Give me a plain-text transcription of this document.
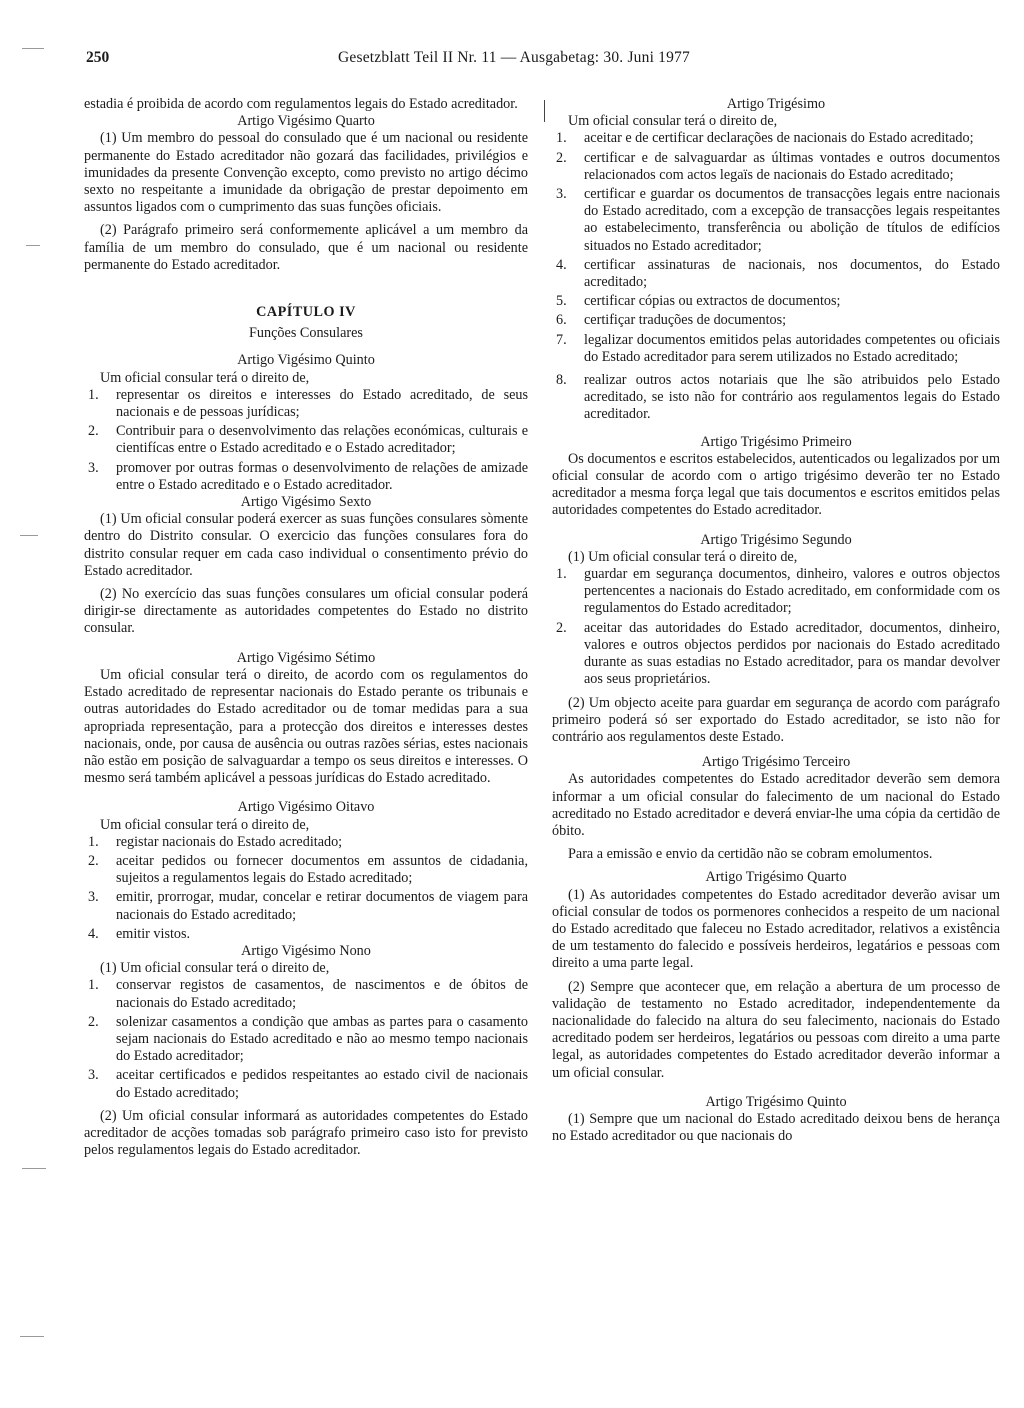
250	Gesetzblatt Teil II Nr. 11 — Ausgabetag: 30. Juni 1977

estadia é proibida de acordo com regulamentos legais do Estado acreditador.

Artigo Vigésimo Quarto

(1) Um membro do pessoal do consulado que é um nacional ou residente permanente do Estado acreditador não gozará das facilidades, privilégios e imunidades da presente Convenção excepto, como previsto no artigo décimo sexto no respeitante a imunidade da obrigação de prestar depoimento em assuntos ligados com o cumprimento das suas funções oficiais.

(2) Parágrafo primeiro será conformemente aplicável a um membro da família de um membro do consulado, que é um nacional ou residente permanente do Estado acreditador.

CAPÍTULO IV

Funções Consulares

Artigo Vigésimo Quinto

Um oficial consular terá o direito de,

1. representar os direitos e interesses do Estado acreditado, de seus nacionais e de pessoas jurídicas;
2. Contribuir para o desenvolvimento das relações económicas, culturais e cientifícas entre o Estado acreditado e o Estado acreditador;
3. promover por outras formas o desenvolvimento de relações de amizade entre o Estado acreditado e o Estado acreditador.

Artigo Vigésimo Sexto

(1) Um oficial consular poderá exercer as suas funções consulares sòmente dentro do Distrito consular. O exercicio das funções consulares fora do distrito consular requer em cada caso individual o consentimento prévio do Estado acreditador.

(2) No exercício das suas funções consulares um oficial consular poderá dirigir-se directamente as autoridades competentes do Estado no distrito consular.

Artigo Vigésimo Sétimo

Um oficial consular terá o direito, de acordo com os regulamentos do Estado acreditado de representar nacionais do Estado perante os tribunais e outras autoridades do Estado acreditador ou de tomar medidas para a sua apropriada representação, para a protecção dos direitos e interesses destes nacionais, onde, por causa de ausência ou outras razões sérias, estes nacionais não estão em posição de salvaguardar a tempo os seus direitos e interesses. O mesmo será também aplicável a pessoas jurídicas do Estado acreditado.

Artigo Vigésimo Oitavo

Um oficial consular terá o direito de,

1. registar nacionais do Estado acreditado;
2. aceitar pedidos ou fornecer documentos em assuntos de cidadania, sujeitos a regulamentos legais do Estado acreditado;
3. emitir, prorrogar, mudar, concelar e retirar documentos de viagem para nacionais do Estado acreditado;
4. emitir vistos.

Artigo Vigésimo Nono

(1) Um oficial consular terá o direito de,

1. conservar registos de casamentos, de nascimentos e de óbitos de nacionais do Estado acreditado;
2. solenizar casamentos a condição que ambas as partes para o casamento sejam nacionais do Estado acreditado e não ao mesmo tempo nacionais do Estado acreditador;
3. aceitar certificados e pedidos respeitantes ao estado civil de nacionais do Estado acreditado;

(2) Um oficial consular informará as autoridades competentes do Estado acreditador de acções tomadas sob parágrafo primeiro caso isto for previsto pelos regulamentos legais do Estado acreditador.

Artigo Trigésimo

Um oficial consular terá o direito de,

1. aceitar e de certificar declarações de nacionais do Estado acreditado;
2. certificar e de salvaguardar as últimas vontades e outros documentos relacionados com actos legaïs de nacionais do Estado acreditado;
3. certificar e guardar os documentos de transacções legais entre nacionais do Estado acreditado, com a excepção de transacções legais respeitantes ao estabelecimento, transferência ou abolição de títulos de edifícios situados no Estado acreditador;
4. certificar assinaturas de nacionais, nos documentos, do Estado acreditado;
5. certificar cópias ou extractos de documentos;
6. certifiçar traduções de documentos;
7. legalizar documentos emitidos pelas autoridades competentes ou oficiais do Estado acreditador para serem utilizados no Estado acreditado;
8. realizar outros actos notariais que lhe são atribuidos pelo Estado acreditado, se isto não for contrário aos regulamentos legais do Estado acreditador.

Artigo Trigésimo Primeiro

Os documentos e escritos estabelecidos, autenticados ou legalizados por um oficial consular de acordo com o artigo trigésimo deverão ter no Estado acreditador a mesma força legal que tais documentos e escritos emitidos pelas autoridades competentes do Estado acreditador.

Artigo Trigésimo Segundo

(1) Um oficial consular terá o direito de,

1. guardar em segurança documentos, dinheiro, valores e outros objectos pertencentes a nacionais do Estado acreditado, em conformidade com os regulamentos do Estado acreditador;
2. aceitar das autoridades do Estado acreditador, documentos, dinheiro, valores e outros objectos perdidos por nacionais do Estado acreditado durante as suas estadias no Estado acreditador, para os mandar devolver aos seus proprietários.

(2) Um objecto aceite para guardar em segurança de acordo com parágrafo primeiro poderá só ser exportado do Estado acreditador, se isto não for contrário aos regulamentos deste Estado.

Artigo Trigésimo Terceiro

As autoridades competentes do Estado acreditador deverão sem demora informar a um oficial consular do falecimento de um nacional do Estado acreditado no Estado acreditador e deverá enviar-lhe uma cópia da certidão de óbito.

Para a emissão e envio da certidão não se cobram emolumentos.

Artigo Trigésimo Quarto

(1) As autoridades competentes do Estado acreditador deverão avisar um oficial consular de todos os pormenores conhecidos a respeito de um nacional do Estado acreditado que faleceu no Estado acreditador, relativos a existência de um testamento do falecido e possíveis herdeiros, legatários e pessoas com direito a uma parte legal.

(2) Sempre que acontecer que, em relação a abertura de um processo de validação de testamento no Estado acreditador, independentemente da nacionalidade do falecido na altura do seu falecimento, nacionais do Estado acreditado podem ser herdeiros, legatários ou pessoas com direito a uma parte legal, as autoridades competentes do Estado acreditador deverão informar a um oficial consular.

Artigo Trigésimo Quinto

(1) Sempre que um nacional do Estado acreditado deixou bens de herança no Estado acreditador ou que nacionais do
